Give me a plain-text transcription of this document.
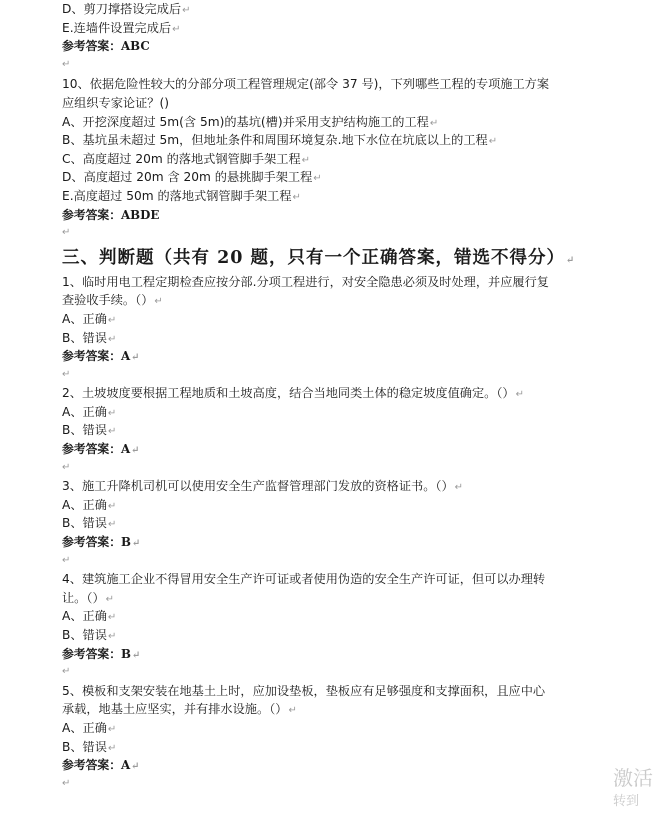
D、剪刀撑搭设完成后↵
E.连墙件设置完成后↵
参考答案：ABC
↵
10、依据危险性较大的分部分项工程管理规定(部令 37 号)，下列哪些工程的专项施工方案
应组织专家论证？()
A、开挖深度超过 5m(含 5m)的基坑(槽)并采用支护结构施工的工程↵
B、基坑虽未超过 5m，但地址条件和周围环境复杂.地下水位在坑底以上的工程↵
C、高度超过 20m 的落地式钢管脚手架工程↵
D、高度超过 20m 含 20m 的悬挑脚手架工程↵
E.高度超过 50m 的落地式钢管脚手架工程↵
参考答案：ABDE
↵
三、判断题（共有 20 题，只有一个正确答案，错选不得分）↵
1、临时用电工程定期检查应按分部.分项工程进行，对安全隐患必须及时处理，并应履行复
查验收手续。（）↵
A、正确↵
B、错误↵
参考答案：A↵
↵
2、土坡坡度要根据工程地质和土坡高度，结合当地同类土体的稳定坡度值确定。（）↵
A、正确↵
B、错误↵
参考答案：A↵
↵
3、施工升降机司机可以使用安全生产监督管理部门发放的资格证书。（）↵
A、正确↵
B、错误↵
参考答案：B↵
↵
4、建筑施工企业不得冒用安全生产许可证或者使用伪造的安全生产许可证，但可以办理转
让。（）↵
A、正确↵
B、错误↵
参考答案：B↵
↵
5、模板和支架安装在地基土上时，应加设垫板，垫板应有足够强度和支撑面积，且应中心
承载，地基土应坚实，并有排水设施。（）↵
A、正确↵
B、错误↵
参考答案：A↵
↵	激活
转到
